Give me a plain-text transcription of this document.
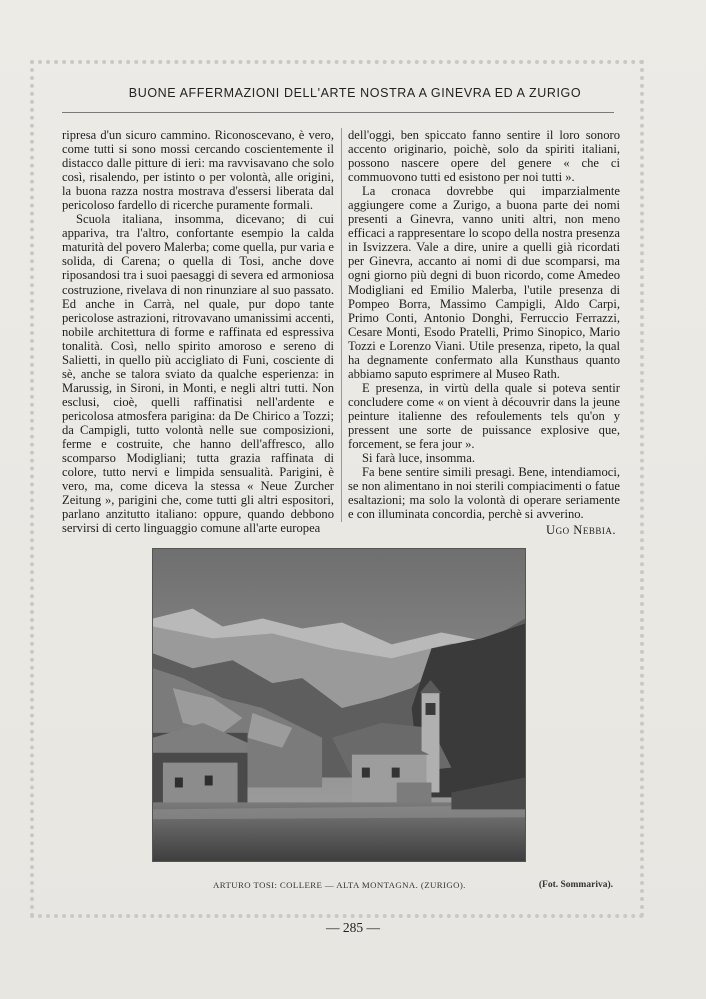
BUONE AFFERMAZIONI DELL'ARTE NOSTRA A GINEVRA ED A ZURIGO

ripresa d'un sicuro cammino. Riconoscevano, è vero, come tutti si sono mossi cercando coscientemente il distacco dalle pitture di ieri: ma ravvisavano che solo così, risalendo, per istinto o per volontà, alle origini, la buona razza nostra mostrava d'essersi liberata dal pericoloso fardello di ricerche puramente formali.

Scuola italiana, insomma, dicevano; di cui appariva, tra l'altro, confortante esempio la calda maturità del povero Malerba; come quella, pur varia e solida, di Carena; o quella di Tosi, anche dove riposandosi tra i suoi paesaggi di severa ed armoniosa costruzione, rivelava di non rinunziare al suo passato. Ed anche in Carrà, nel quale, pur dopo tante pericolose astrazioni, ritrovavano umanissimi accenti, nobile architettura di forme e raffinata ed espressiva tonalità. Così, nello spirito amoroso e sereno di Salietti, in quello più accigliato di Funi, cosciente di sè, anche se talora sviato da qualche esperienza: in Marussig, in Sironi, in Monti, e negli altri tutti. Non esclusi, cioè, quelli raffinatisi nell'ardente e pericolosa atmosfera parigina: da De Chirico a Tozzi; da Campigli, tutto volontà nelle sue composizioni, ferme e costruite, che hanno dell'affresco, allo scomparso Modigliani; tutta grazia raffinata di colore, tutto nervi e limpida sensualità. Parigini, è vero, ma, come diceva la stessa « Neue Zurcher Zeitung », parigini che, come tutti gli altri espositori, parlano anzitutto italiano: oppure, quando debbono servirsi di certo linguaggio comune all'arte europea

dell'oggi, ben spiccato fanno sentire il loro sonoro accento originario, poichè, solo da spiriti italiani, possono nascere opere del genere « che ci commuovono tutti ed esistono per noi tutti ».

La cronaca dovrebbe qui imparzialmente aggiungere come a Zurigo, a buona parte dei nomi presenti a Ginevra, vanno uniti altri, non meno efficaci a rappresentare lo scopo della nostra presenza in Isvizzera. Vale a dire, unire a quelli già ricordati per Ginevra, accanto ai nomi di due scomparsi, ma ogni giorno più degni di buon ricordo, come Amedeo Modigliani ed Emilio Malerba, l'utile presenza di Pompeo Borra, Massimo Campigli, Aldo Carpi, Primo Conti, Antonio Donghi, Ferruccio Ferrazzi, Cesare Monti, Esodo Pratelli, Primo Sinopico, Mario Tozzi e Lorenzo Viani. Utile presenza, ripeto, la qual ha degnamente confermato alla Kunsthaus quanto abbiamo saputo esprimere al Museo Rath.

E presenza, in virtù della quale si poteva sentir concludere come « on vient à découvrir dans la jeune peinture italienne des refoulements tels qu'on y pressent une sorte de puissance explosive que, forcement, se fera jour ».

Si farà luce, insomma.

Fa bene sentire simili presagi. Bene, intendiamoci, se non alimentano in noi sterili compiacimenti o fatue esaltazioni; ma solo la volontà di operare seriamente e con illuminata concordia, perchè si avverino.

Ugo Nebbia.
ARTURO TOSI: COLLERE — ALTA MONTAGNA. (ZURIGO).	(Fot. Sommariva).
— 285 —
